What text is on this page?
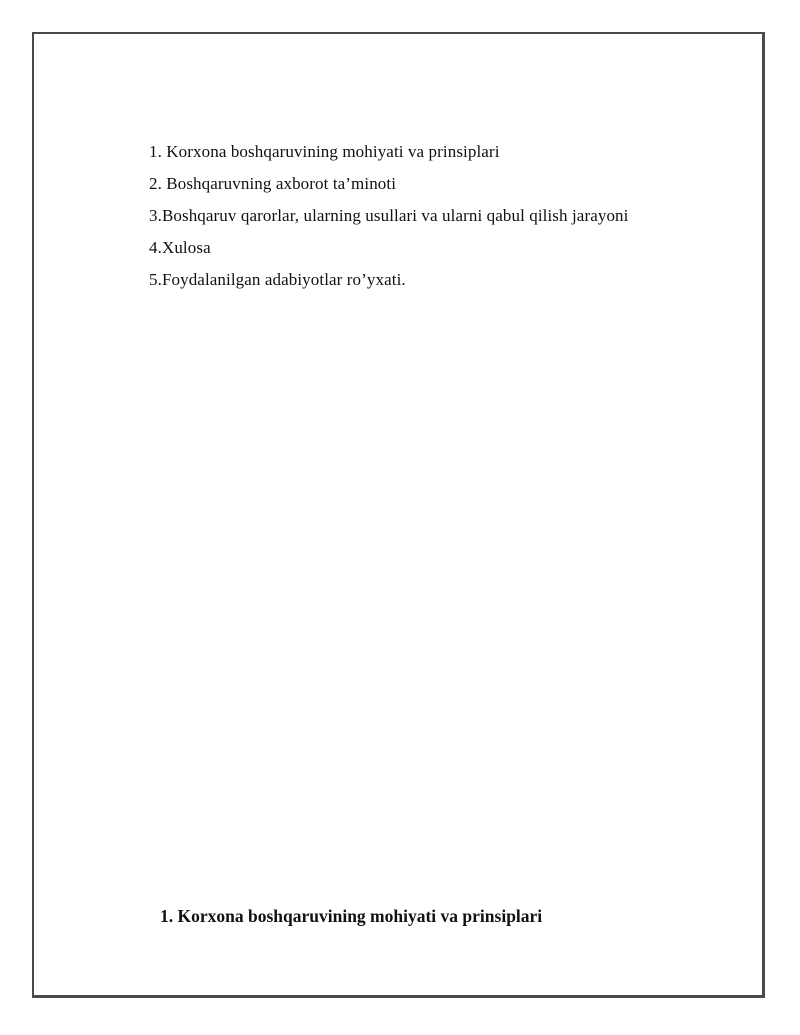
1. Korxona boshqaruvining mohiyati va prinsiplari
2. Boshqaruvning axborot ta’minoti
3.Boshqaruv qarorlar, ularning usullari va ularni qabul qilish jarayoni
4.Xulosa
5.Foydalanilgan adabiyotlar ro’yxati.
1. Korxona boshqaruvining mohiyati va prinsiplari
